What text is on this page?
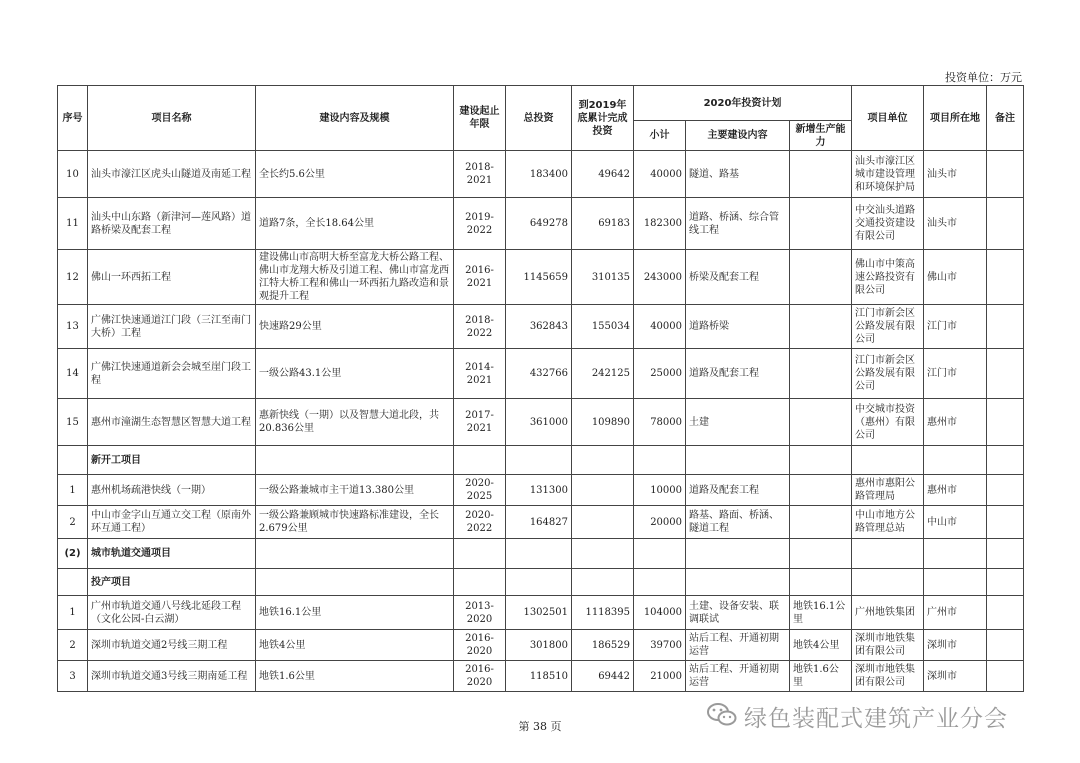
投资单位：万元
序号	项目名称	建设内容及规模	建设起止年限	总投资	到2019年底累计完成投资	2020年投资计划			项目单位	项目所在地	备注
						小计	主要建设内容	新增生产能力			
10	汕头市濠江区虎头山隧道及南延工程	全长约5.6公里	2018-2021	183400	49642	40000	隧道、路基		汕头市濠江区城市建设管理和环境保护局	汕头市	
11	汕头中山东路（新津河—莲风路）道路桥梁及配套工程	道路7条，全长18.64公里	2019-2022	649278	69183	182300	道路、桥涵、综合管线工程		中交汕头道路交通投资建设有限公司	汕头市	
12	佛山一环西拓工程	建设佛山市高明大桥至富龙大桥公路工程、佛山市龙翔大桥及引道工程、佛山市富龙西江特大桥工程和佛山一环西拓九路改造和景观提升工程	2016-2021	1145659	310135	243000	桥梁及配套工程		佛山市中策高速公路投资有限公司	佛山市	
13	广佛江快速通道江门段（三江至南门大桥）工程	快速路29公里	2018-2022	362843	155034	40000	道路桥梁		江门市新会区公路发展有限公司	江门市	
14	广佛江快速通道新会会城至崖门段工程	一级公路43.1公里	2014-2021	432766	242125	25000	道路及配套工程		江门市新会区公路发展有限公司	江门市	
15	惠州市潼湖生态智慧区智慧大道工程	惠新快线（一期）以及智慧大道北段，共20.836公里	2017-2021	361000	109890	78000	土建		中交城市投资（惠州）有限公司	惠州市	
	新开工项目										
1	惠州机场疏港快线（一期）	一级公路兼城市主干道13.380公里	2020-2025	131300		10000	道路及配套工程		惠州市惠阳公路管理局	惠州市	
2	中山市金字山互通立交工程（原南外环互通工程）	一级公路兼顾城市快速路标准建设，全长2.679公里	2020-2022	164827		20000	路基、路面、桥涵、隧道工程		中山市地方公路管理总站	中山市	
(2)	城市轨道交通项目										
	投产项目										
1	广州市轨道交通八号线北延段工程（文化公园-白云湖）	地铁16.1公里	2013-2020	1302501	1118395	104000	土建、设备安装、联调联试	地铁16.1公里	广州地铁集团	广州市	
2	深圳市轨道交通2号线三期工程	地铁4公里	2016-2020	301800	186529	39700	站后工程、开通初期运营	地铁4公里	深圳市地铁集团有限公司	深圳市	
3	深圳市轨道交通3号线三期南延工程	地铁1.6公里	2016-2020	118510	69442	21000	站后工程、开通初期运营	地铁1.6公里	深圳市地铁集团有限公司	深圳市	
第 38 页	绿色装配式建筑产业分会
